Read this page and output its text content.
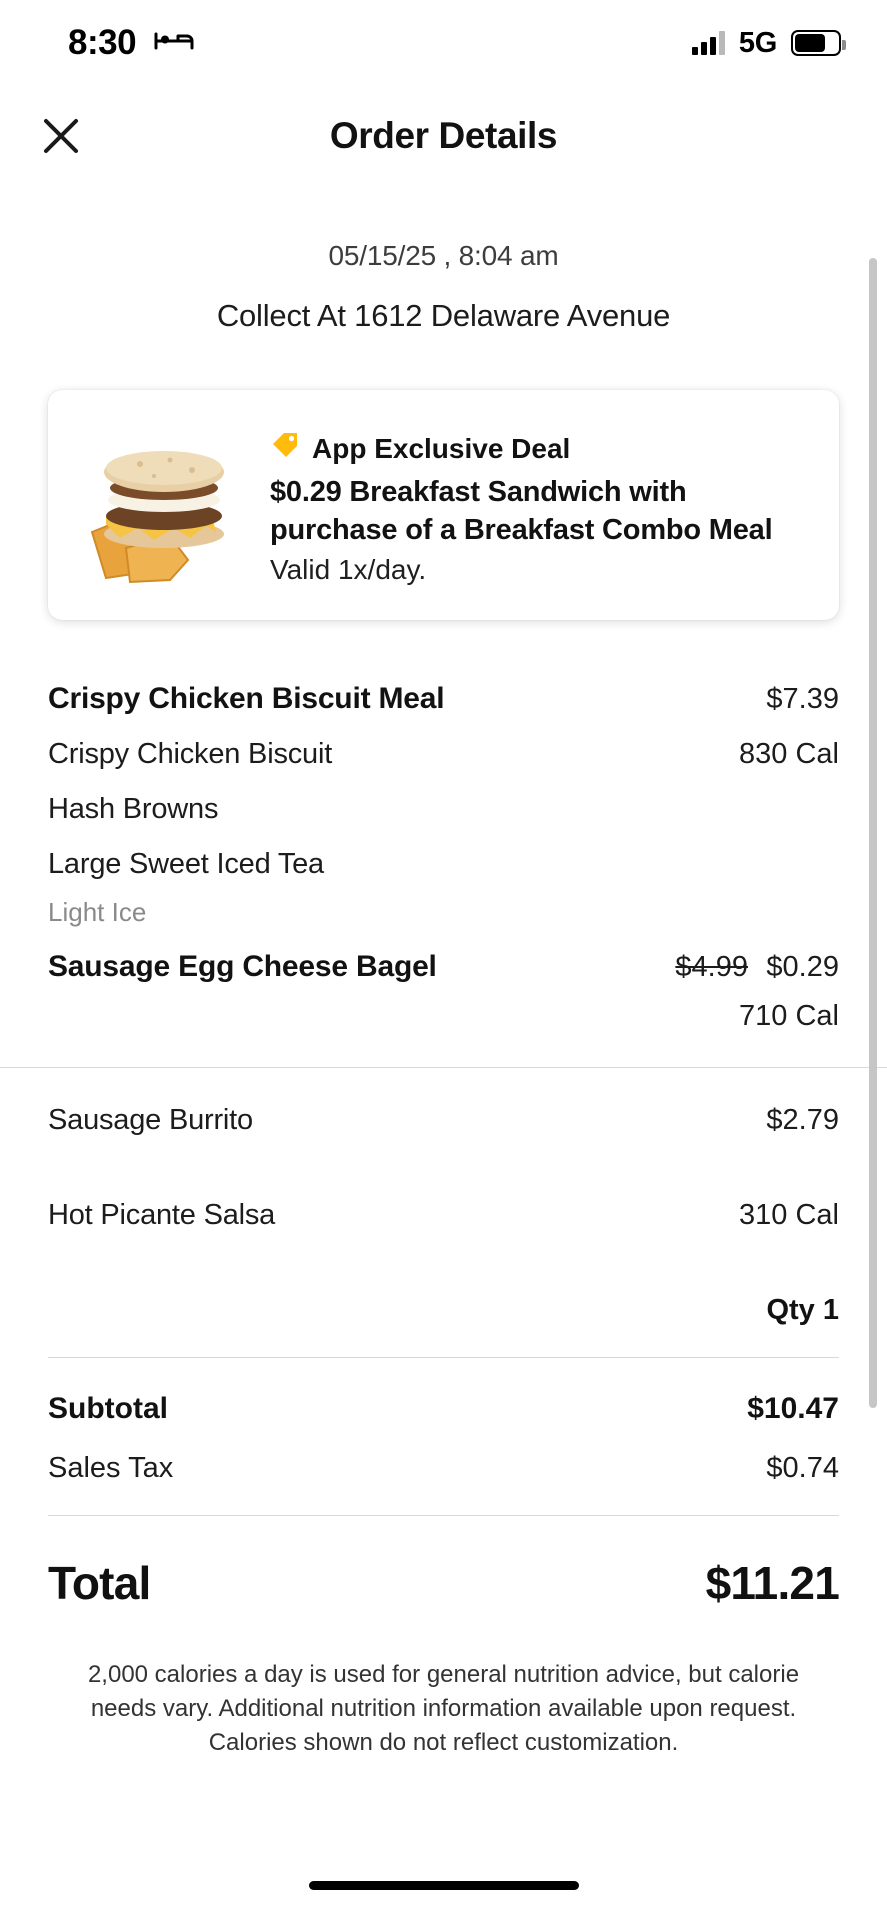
8:30	5G
Order Details
05/15/25 , 8:04 am
Collect At 1612 Delaware Avenue
App Exclusive Deal
$0.29 Breakfast Sandwich with purchase of a Breakfast Combo Meal
Valid 1x/day.
Crispy Chicken Biscuit Meal	$7.39
Crispy Chicken Biscuit	830 Cal
Hash Browns
Large Sweet Iced Tea
Light Ice
Sausage Egg Cheese Bagel	$4.99 $0.29
710 Cal
Sausage Burrito	$2.79
Hot Picante Salsa	310 Cal
Qty 1
Subtotal	$10.47
Sales Tax	$0.74
Total	$11.21
2,000 calories a day is used for general nutrition advice, but calorie needs vary. Additional nutrition information available upon request. Calories shown do not reflect customization.
